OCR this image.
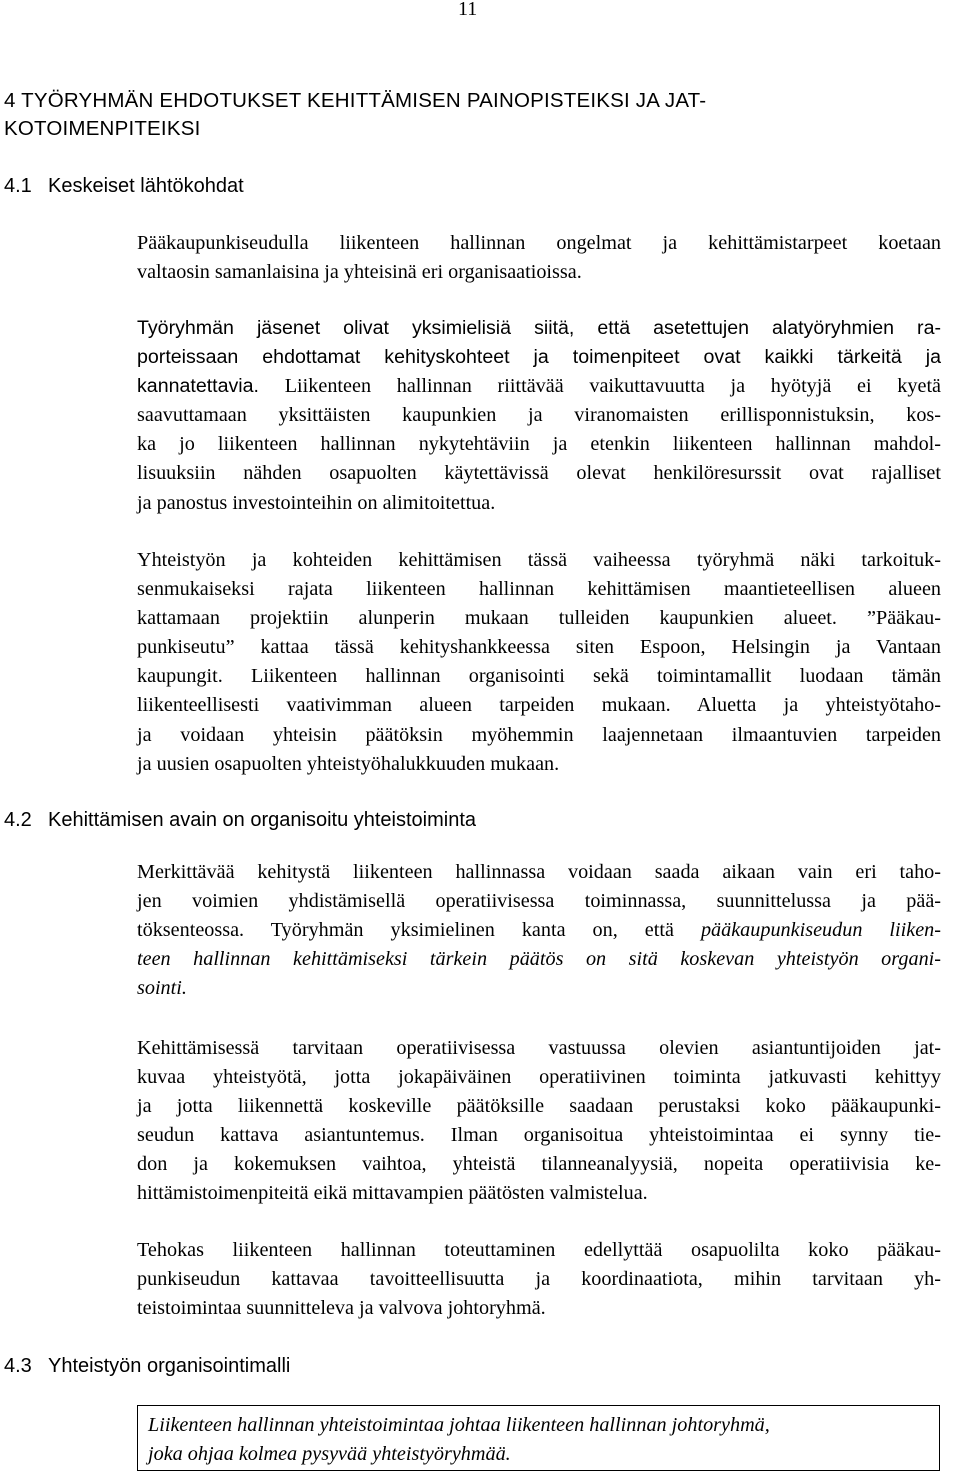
11
4 TYÖRYHMÄN EHDOTUKSET KEHITTÄMISEN PAINOPISTEIKSI JA JAT-
KOTOIMENPITEIKSI
4.1 Keskeiset lähtökohdat
Pääkaupunkiseudulla liikenteen hallinnan ongelmat ja kehittämistarpeet koetaan
valtaosin samanlaisina ja yhteisinä eri organisaatioissa.
Työryhmän jäsenet olivat yksimielisiä siitä, että asetettujen alatyöryhmien ra-
porteissaan ehdottamat kehityskohteet ja toimenpiteet ovat kaikki tärkeitä ja
kannatettavia. Liikenteen hallinnan riittävää vaikuttavuutta ja hyötyjä ei kyetä
saavuttamaan yksittäisten kaupunkien ja viranomaisten erillisponnistuksin, kos-
ka jo liikenteen hallinnan nykytehtäviin ja etenkin liikenteen hallinnan mahdol-
lisuuksiin nähden osapuolten käytettävissä olevat henkilöresurssit ovat rajalliset
ja panostus investointeihin on alimitoitettua.
Yhteistyön ja kohteiden kehittämisen tässä vaiheessa työryhmä näki tarkoituk-
senmukaiseksi rajata liikenteen hallinnan kehittämisen maantieteellisen alueen
kattamaan projektiin alunperin mukaan tulleiden kaupunkien alueet. ”Pääkau-
punkiseutu” kattaa tässä kehityshankkeessa siten Espoon, Helsingin ja Vantaan
kaupungit. Liikenteen hallinnan organisointi sekä toimintamallit luodaan tämän
liikenteellisesti vaativimman alueen tarpeiden mukaan. Aluetta ja yhteistyötaho-
ja voidaan yhteisin päätöksin myöhemmin laajennetaan ilmaantuvien tarpeiden
ja uusien osapuolten yhteistyöhalukkuuden mukaan.
4.2 Kehittämisen avain on organisoitu yhteistoiminta
Merkittävää kehitystä liikenteen hallinnassa voidaan saada aikaan vain eri taho-
jen voimien yhdistämisellä operatiivisessa toiminnassa, suunnittelussa ja pää-
töksenteossa. Työryhmän yksimielinen kanta on, että pääkaupunkiseudun liiken-
teen hallinnan kehittämiseksi tärkein päätös on sitä koskevan yhteistyön organi-
sointi.
Kehittämisessä tarvitaan operatiivisessa vastuussa olevien asiantuntijoiden jat-
kuvaa yhteistyötä, jotta jokapäiväinen operatiivinen toiminta jatkuvasti kehittyy
ja jotta liikennettä koskeville päätöksille saadaan perustaksi koko pääkaupunki-
seudun kattava asiantuntemus. Ilman organisoitua yhteistoimintaa ei synny tie-
don ja kokemuksen vaihtoa, yhteistä tilanneanalyysiä, nopeita operatiivisia ke-
hittämistoimenpiteitä eikä mittavampien päätösten valmistelua.
Tehokas liikenteen hallinnan toteuttaminen edellyttää osapuolilta koko pääkau-
punkiseudun kattavaa tavoitteellisuutta ja koordinaatiota, mihin tarvitaan yh-
teistoimintaa suunnitteleva ja valvova johtoryhmä.
4.3 Yhteistyön organisointimalli
Liikenteen hallinnan yhteistoimintaa johtaa liikenteen hallinnan johtoryhmä,
joka ohjaa kolmea pysyvää yhteistyöryhmää.
